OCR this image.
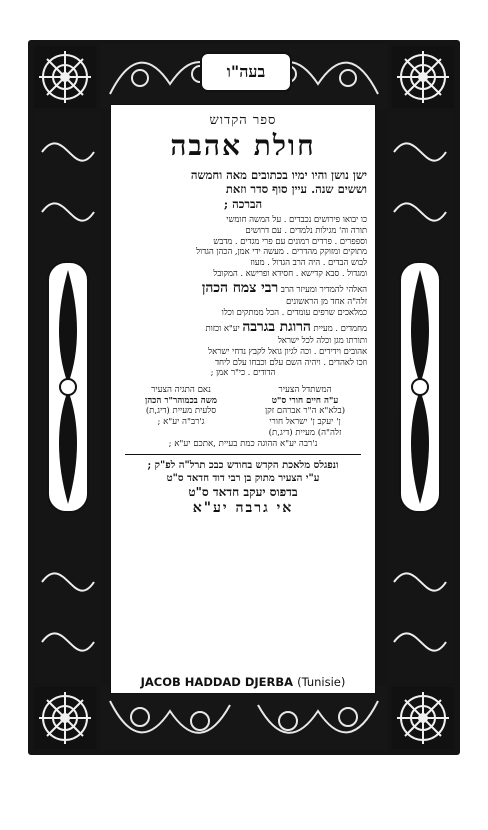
בעה"ו
ספר הקדוש
חולת אהבה
ישן נושן והיו ימיו בכתובים מאה וחמשה
וששים שנה. עיין סוף סדר וזאת
הברכה ;
כו יבואו פירושים נכבדים . על המשה חומשי
תורה וה' מגילות נלמדים . עם דרושים
וספפרים . פרדים רמונים עם פרי מגדים . מדבש
מתוקים ומזוקק מהדרים . מעשה ידי אמן, הכהן הגדול
לבוש הבדים . היה הרב הגדול . מעוז
ומגדול . סבא קדישא . חסידא ופרישא . המקובל
האלהי להמדיר ומעיזר הרב רבי צמח הכהן
זלה"ה אחד מן הראשונים
כמלאכים שרפים עומדים . הכל ממתקים וכלו
מחמדים . מעיית הרוגת בגרבה יע"א וכזות
ותורתו מגן וכלה לכל ישראל
אהובים וידידים . וכה לגיון גואל לקבץ נדחי ישראל
וזכו לאהדים . ויהיה השם עלם וכבחו עלם ליחד
הדודים . כי"ר אמן ;
המשתדל הצעיר
ע"ה חיים חורי ס"ט
(בלא"א ה"ר אברהם זקן
ן' יעקב ן' ישראל חורי
זלה"ה) מעיית (דיג,ת)
נאם התגיה הצעיר
משה בכמוהר"ר הכהן
סלעית מעיית (דיג,ת)
ג'רב"ה יע"א ;
נ'רבה יע"א ההוגה כמת בעיית ,אתכם יע"א ;
ונפגלס מלאכת הקדש בחודש כבכ תרל"ה לפ"ק ;
ע"י הצעיר מתוק בן רבי דוד חדאד ס"ט
בדפוס יעקב חדאד ס"ט
אי גרבה יע"א
JACOB HADDAD DJERBA (Tunisie)
